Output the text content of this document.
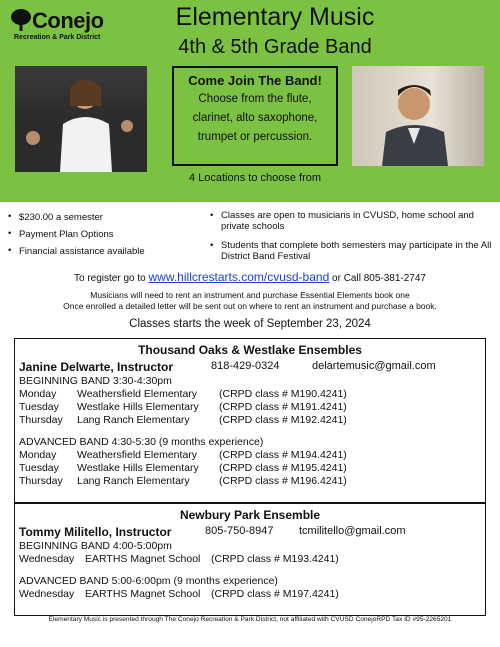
Conejo
Recreation & Park District
Elementary Music
4th & 5th Grade Band
Come Join The Band!
Choose from the flute,
clarinet, alto saxophone,
trumpet or percussion.
4 Locations to choose from
• $230.00 a semester
• Payment Plan Options
• Financial assistance available
• Classes are open to musicians in CVUSD, home school and private schools
• Students that complete both semesters may participate in the All District Band Festival
To register go to www.hillcrestarts.com/cvusd-band or Call 805-381-2747
Musicians will need to rent an instrument and purchase Essential Elements book one
Once enrolled a detailed letter will be sent out on where to rent an instrument and purchase a book.
Classes starts the week of September 23, 2024
Thousand Oaks & Westlake Ensembles
Janine Delwarte, Instructor	818-429-0324	delartemusic@gmail.com
BEGINNING BAND 3:30-4:30pm
Monday Weathersfield Elementary (CRPD class # M190.4241)
Tuesday Westlake Hills Elementary (CRPD class # M191.4241)
Thursday Lang Ranch Elementary	(CRPD class # M192.4241)
ADVANCED BAND 4:30-5:30 (9 months experience)
Monday Weathersfield Elementary (CRPD class # M194.4241)
Tuesday Westlake Hills Elementary (CRPD class # M195.4241)
Thursday Lang Ranch Elementary	(CRPD class # M196.4241)
Newbury Park Ensemble
Tommy Militello, Instructor	805-750-8947 tcmilitello@gmail.com
BEGINNING BAND 4:00-5:00pm
Wednesday EARTHS Magnet School (CRPD class # M193.4241)
ADVANCED BAND 5:00-6:00pm (9 months experience)
Wednesday EARTHS Magnet School (CRPD class # M197.4241)
Elementary Music is presented through The Conejo Recreation & Park District, not affiliated with CVUSD ConejoRPD Tax ID #95-2265201
